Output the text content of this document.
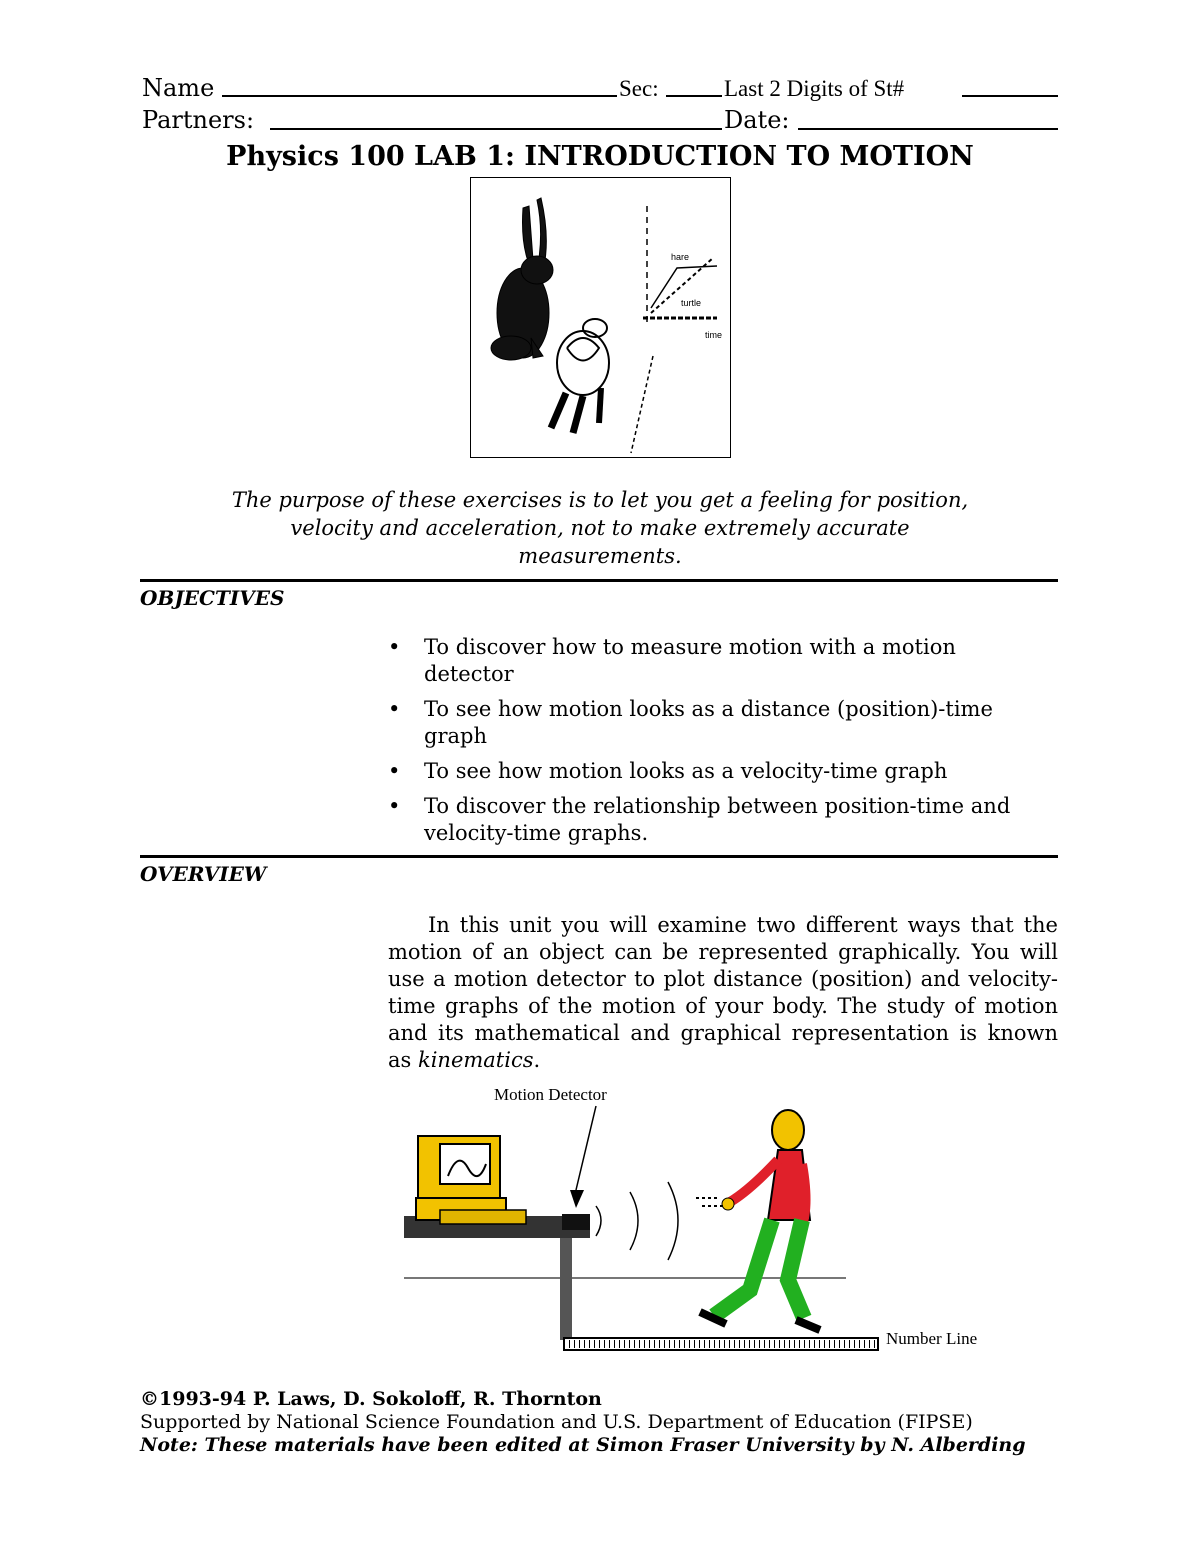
Name	Sec:	Last 2 Digits of St#
Partners:	Date:
Physics 100 LAB 1: INTRODUCTION TO MOTION
hare
turtle
time
The purpose of these exercises is to let you get a feeling for position, velocity and acceleration, not to make extremely accurate measurements.
OBJECTIVES
• To discover how to measure motion with a motion detector
• To see how motion looks as a distance (position)-time graph
• To see how motion looks as a velocity-time graph
• To discover the relationship between position-time and velocity-time graphs.
OVERVIEW
In this unit you will examine two different ways that the motion of an object can be represented graphically. You will use a motion detector to plot distance (position) and velocity-time graphs of the motion of your body. The study of motion and its mathematical and graphical representation is known as kinematics.
Motion Detector
Number Line
©1993-94 P. Laws, D. Sokoloff, R. Thornton
Supported by National Science Foundation and U.S. Department of Education (FIPSE)
Note: These materials have been edited at Simon Fraser University by N. Alberding
